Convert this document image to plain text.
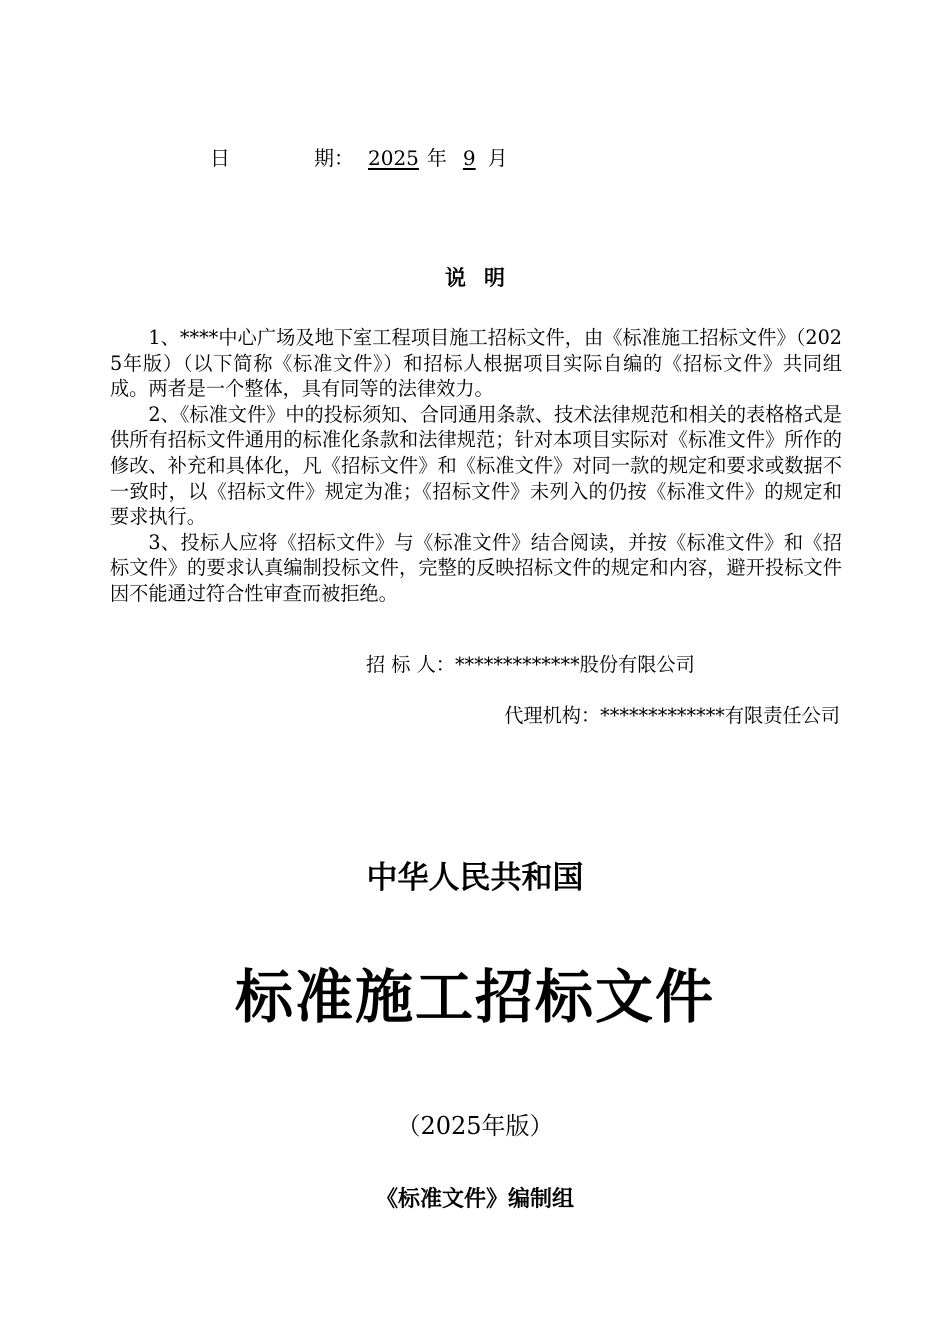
日	期： 2025 年 9 月
说明

1、****中心广场及地下室工程项目施工招标文件，由《标准施工招标文件》（2025年版）（以下简称《标准文件》）和招标人根据项目实际自编的《招标文件》共同组成。两者是一个整体，具有同等的法律效力。

2、《标准文件》中的投标须知、合同通用条款、技术法律规范和相关的表格格式是供所有招标文件通用的标准化条款和法律规范；针对本项目实际对《标准文件》所作的修改、补充和具体化，凡《招标文件》和《标准文件》对同一款的规定和要求或数据不一致时，以《招标文件》规定为准；《招标文件》未列入的仍按《标准文件》的规定和要求执行。

3、投标人应将《招标文件》与《标准文件》结合阅读，并按《标准文件》和《招标文件》的要求认真编制投标文件，完整的反映招标文件的规定和内容，避开投标文件因不能通过符合性审查而被拒绝。

招 标 人：*************股份有限公司
代理机构：*************有限责任公司
中华人民共和国
标准施工招标文件
（2025年版）
《标准文件》编制组
